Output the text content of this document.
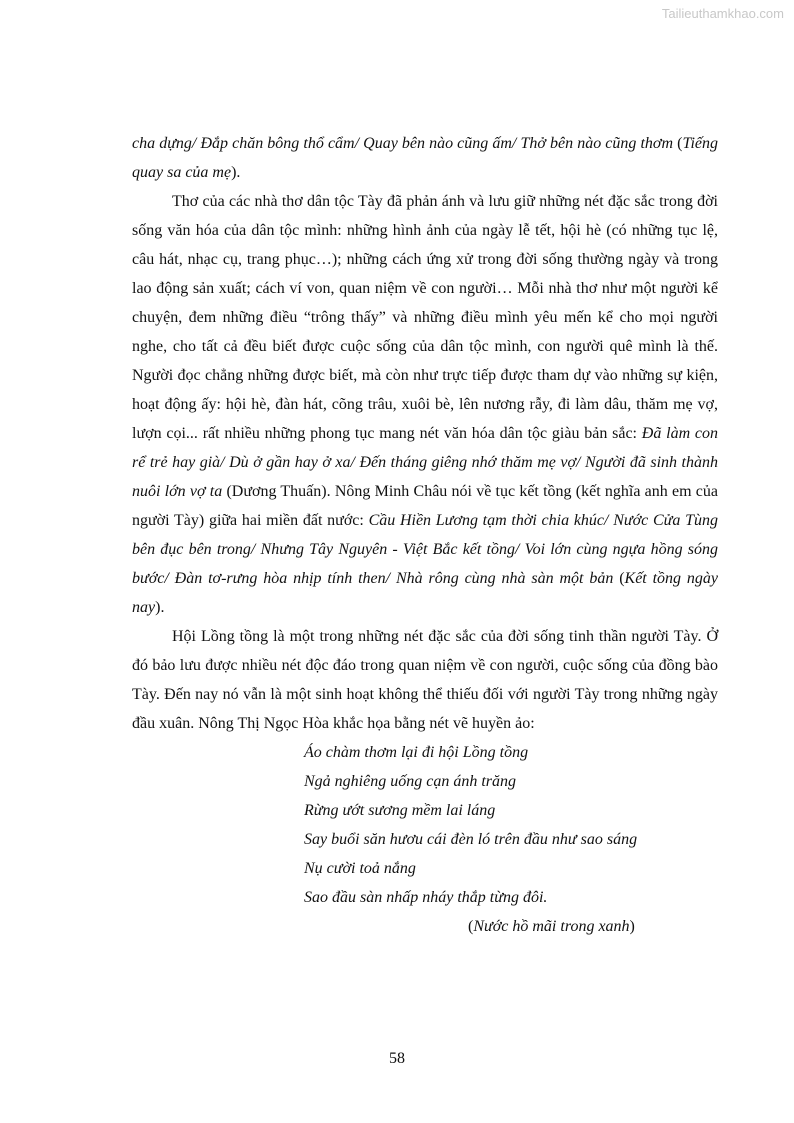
Tailieuthamkhao.com

cha dựng/ Đắp chăn bông thổ cẩm/ Quay bên nào cũng ấm/ Thở bên nào cũng thơm (Tiếng quay sa của mẹ).

Thơ của các nhà thơ dân tộc Tày đã phản ánh và lưu giữ những nét đặc sắc trong đời sống văn hóa của dân tộc mình: những hình ảnh của ngày lễ tết, hội hè (có những tục lệ, câu hát, nhạc cụ, trang phục…); những cách ứng xử trong đời sống thường ngày và trong lao động sản xuất; cách ví von, quan niệm về con người… Mỗi nhà thơ như một người kể chuyện, đem những điều “trông thấy” và những điều mình yêu mến kể cho mọi người nghe, cho tất cả đều biết được cuộc sống của dân tộc mình, con người quê mình là thế. Người đọc chẳng những được biết, mà còn như trực tiếp được tham dự vào những sự kiện, hoạt động ấy: hội hè, đàn hát, cõng trâu, xuôi bè, lên nương rẫy, đi làm dâu, thăm mẹ vợ, lượn cọi... rất nhiều những phong tục mang nét văn hóa dân tộc giàu bản sắc: Đã làm con rể trẻ hay già/ Dù ở gần hay ở xa/ Đến tháng giêng nhớ thăm mẹ vợ/ Người đã sinh thành nuôi lớn vợ ta (Dương Thuấn). Nông Minh Châu nói về tục kết tồng (kết nghĩa anh em của người Tày) giữa hai miền đất nước: Cầu Hiền Lương tạm thời chia khúc/ Nước Cửa Tùng bên đục bên trong/ Nhưng Tây Nguyên - Việt Bắc kết tồng/ Voi lớn cùng ngựa hồng sóng bước/ Đàn tơ-rưng hòa nhịp tính then/ Nhà rông cùng nhà sàn một bản (Kết tồng ngày nay).

Hội Lồng tồng là một trong những nét đặc sắc của đời sống tinh thần người Tày. Ở đó bảo lưu được nhiều nét độc đáo trong quan niệm về con người, cuộc sống của đồng bào Tày. Đến nay nó vẫn là một sinh hoạt không thể thiếu đối với người Tày trong những ngày đầu xuân. Nông Thị Ngọc Hòa khắc họa bằng nét vẽ huyền ảo:

Áo chàm thơm lại đi hội Lồng tồng
Ngả nghiêng uống cạn ánh trăng
Rừng ướt sương mềm lai láng
Say buổi săn hươu cái đèn ló trên đầu như sao sáng
Nụ cười toả nắng
Sao đầu sàn nhấp nháy thắp từng đôi.
(Nước hồ mãi trong xanh)
58
